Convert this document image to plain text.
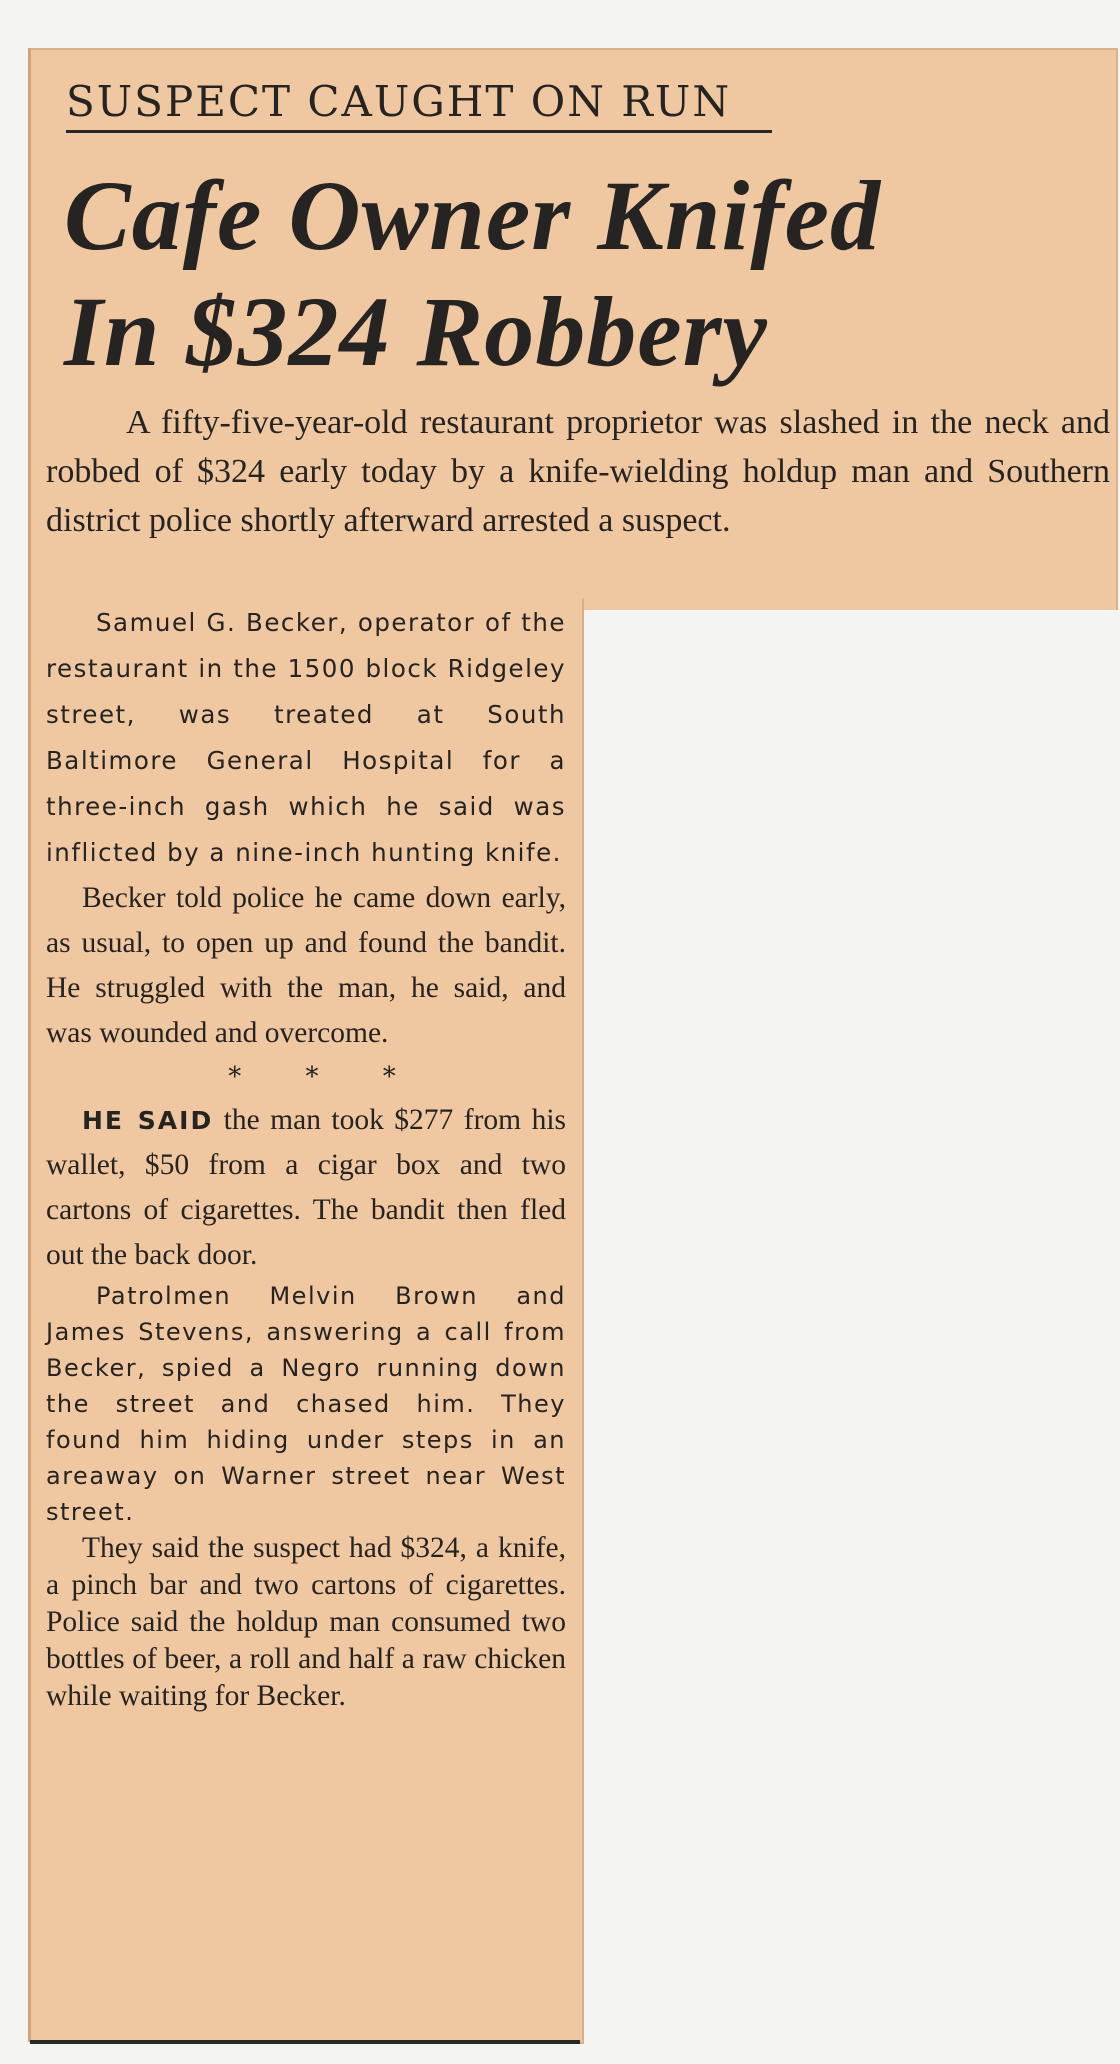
SUSPECT CAUGHT ON RUN
Cafe Owner Knifed
In $324 Robbery

A fifty-five-year-old restaurant proprietor was slashed in the neck and robbed of $324 early today by a knife-wielding holdup man and Southern district police shortly afterward arrested a suspect.

Samuel G. Becker, operator of the restaurant in the 1500 block Ridgeley street, was treated at South Baltimore General Hospital for a three-inch gash which he said was inflicted by a nine-inch hunting knife.

Becker told police he came down early, as usual, to open up and found the bandit. He struggled with the man, he said, and was wounded and overcome.

* * *

HE SAID the man took $277 from his wallet, $50 from a cigar box and two cartons of cigarettes. The bandit then fled out the back door.

Patrolmen Melvin Brown and James Stevens, answering a call from Becker, spied a Negro running down the street and chased him. They found him hiding under steps in an areaway on Warner street near West street.

They said the suspect had $324, a knife, a pinch bar and two cartons of cigarettes. Police said the holdup man consumed two bottles of beer, a roll and half a raw chicken while waiting for Becker.
